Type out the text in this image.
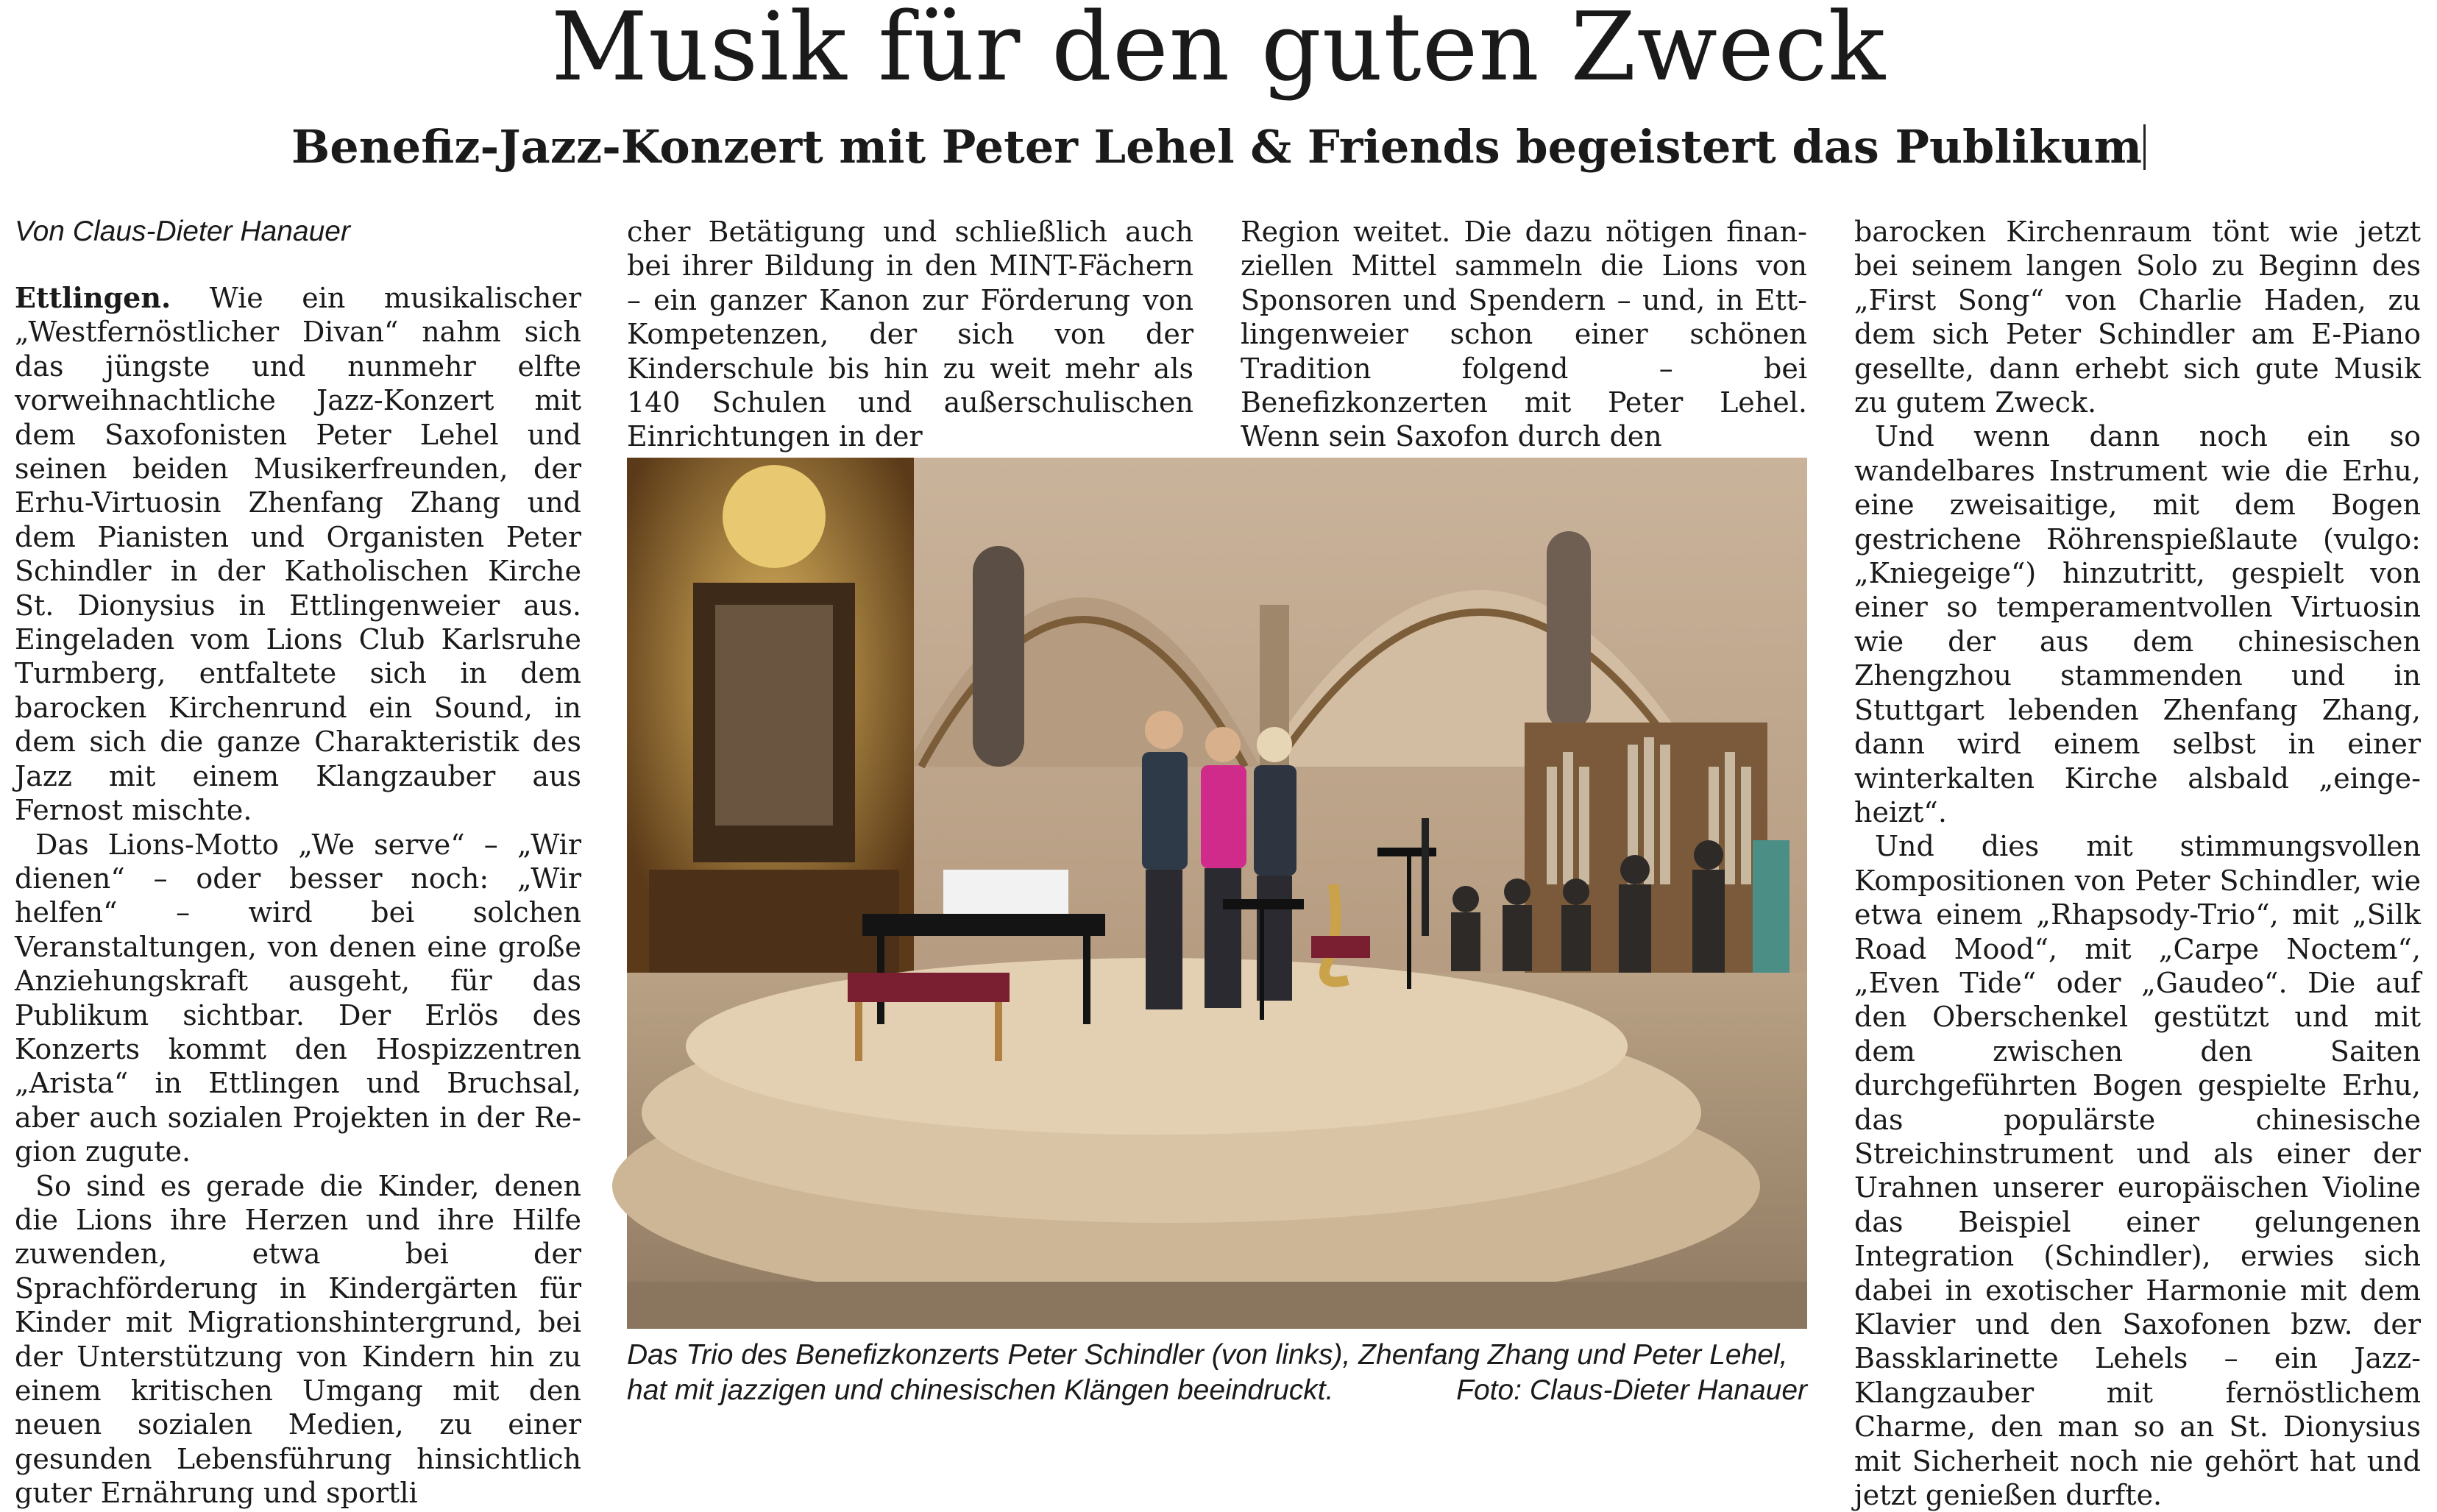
Musik für den guten Zweck
Benefiz-Jazz-Konzert mit Peter Lehel & Friends begeistert das Publikum
Von Claus-Dieter Hanauer

Ettlingen. Wie ein musikalischer „Westfernöstlicher Divan“ nahm sich das jüngste und nunmehr elfte vorweihnachtliche Jazz-Konzert mit dem Saxofonisten Peter Lehel und seinen beiden Musikerfreunden, der Erhu-Virtuosin Zhenfang Zhang und dem Pianisten und Organisten Peter Schindler in der Katholischen Kirche St. Dionysius in Ettlingenweier aus. Eingeladen vom Lions Club Karlsruhe Turmberg, entfaltete sich in dem barocken Kirchenrund ein Sound, in dem sich die ganze Charakteristik des Jazz mit einem Klangzauber aus Fernost mischte.

Das Lions-Motto „We serve“ – „Wir dienen“ – oder besser noch: „Wir helfen“ – wird bei solchen Veranstaltungen, von denen eine große Anziehungskraft ausgeht, für das Publikum sichtbar. Der Erlös des Konzerts kommt den Hospizzentren „Arista“ in Ettlingen und Bruchsal, aber auch sozialen Projekten in der Region zugute.

So sind es gerade die Kinder, denen die Lions ihre Herzen und ihre Hilfe zuwenden, etwa bei der Sprachförderung in Kindergärten für Kinder mit Migrationshintergrund, bei der Unterstützung von Kindern hin zu einem kritischen Umgang mit den neuen sozialen Medien, zu einer gesunden Lebensführung hinsichtlich guter Ernährung und sportli

cher Betätigung und schließlich auch bei ihrer Bildung in den MINT-Fächern – ein ganzer Kanon zur Förderung von Kompetenzen, der sich von der Kinderschule bis hin zu weit mehr als 140 Schulen und außerschulischen Einrichtungen in der

Region weitet. Die dazu nötigen finanziellen Mittel sammeln die Lions von Sponsoren und Spendern – und, in Ettlingenweier schon einer schönen Tradition folgend – bei Benefizkonzerten mit Peter Lehel. Wenn sein Saxofon durch den

Das Trio des Benefizkonzerts Peter Schindler (von links), Zhenfang Zhang und Peter Lehel,
hat mit jazzigen und chinesischen Klängen beeindruckt.	Foto: Claus-Dieter Hanauer

barocken Kirchenraum tönt wie jetzt bei seinem langen Solo zu Beginn des „First Song“ von Charlie Haden, zu dem sich Peter Schindler am E-Piano gesellte, dann erhebt sich gute Musik zu gutem Zweck.

Und wenn dann noch ein so wandelbares Instrument wie die Erhu, eine zweisaitige, mit dem Bogen gestrichene Röhrenspießlaute (vulgo: „Kniegeige“) hinzutritt, gespielt von einer so temperamentvollen Virtuosin wie der aus dem chinesischen Zhengzhou stammenden und in Stuttgart lebenden Zhenfang Zhang, dann wird einem selbst in einer winterkalten Kirche alsbald „eingeheizt“.

Und dies mit stimmungsvollen Kompositionen von Peter Schindler, wie etwa einem „Rhapsody-Trio“, mit „Silk Road Mood“, mit „Carpe Noctem“, „Even Tide“ oder „Gaudeo“. Die auf den Oberschenkel gestützt und mit dem zwischen den Saiten durchgeführten Bogen gespielte Erhu, das populärste chinesische Streichinstrument und als einer der Urahnen unserer europäischen Violine das Beispiel einer gelungenen Integration (Schindler), erwies sich dabei in exotischer Harmonie mit dem Klavier und den Saxofonen bzw. der Bassklarinette Lehels – ein Jazz-Klangzauber mit fernöstlichem Charme, den man so an St. Dionysius mit Sicherheit noch nie gehört hat und jetzt genießen durfte.
